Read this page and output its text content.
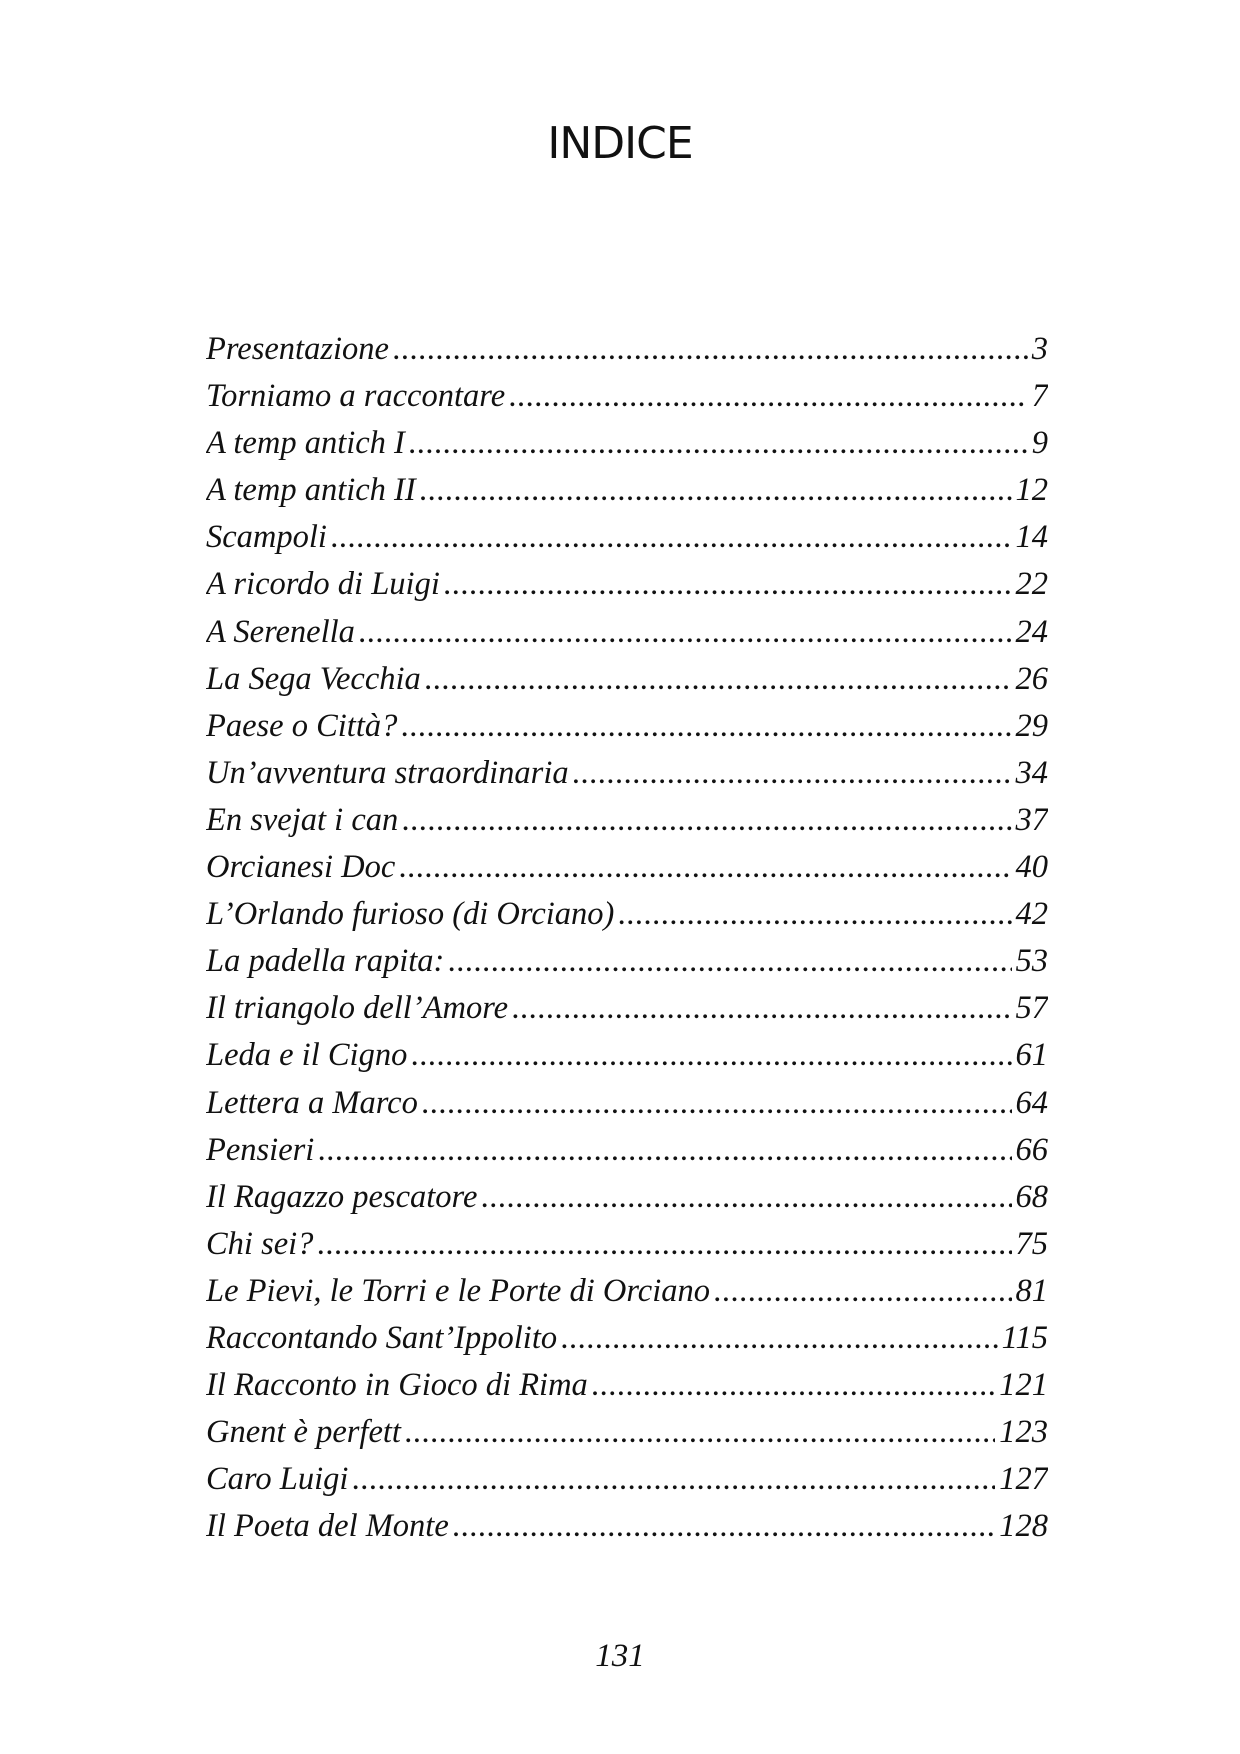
INDICE
Presentazione .....	3
Torniamo a raccontare .....	7
A temp antich I .....	9
A temp antich II .....	12
Scampoli .....	14
A ricordo di Luigi .....	22
A Serenella .....	24
La Sega Vecchia .....	26
Paese o Città? .....	29
Un’avventura straordinaria .....	34
En svejat i can .....	37
Orcianesi Doc .....	40
L’Orlando furioso (di Orciano) .....	42
La padella rapita: .....	53
Il triangolo dell’Amore .....	57
Leda e il Cigno .....	61
Lettera a Marco .....	64
Pensieri .....	66
Il Ragazzo pescatore .....	68
Chi sei? .....	75
Le Pievi, le Torri e le Porte di Orciano .....	81
Raccontando Sant’Ippolito .....	115
Il Racconto in Gioco di Rima .....	121
Gnent è perfett .....	123
Caro Luigi .....	127
Il Poeta del Monte .....	128
131
